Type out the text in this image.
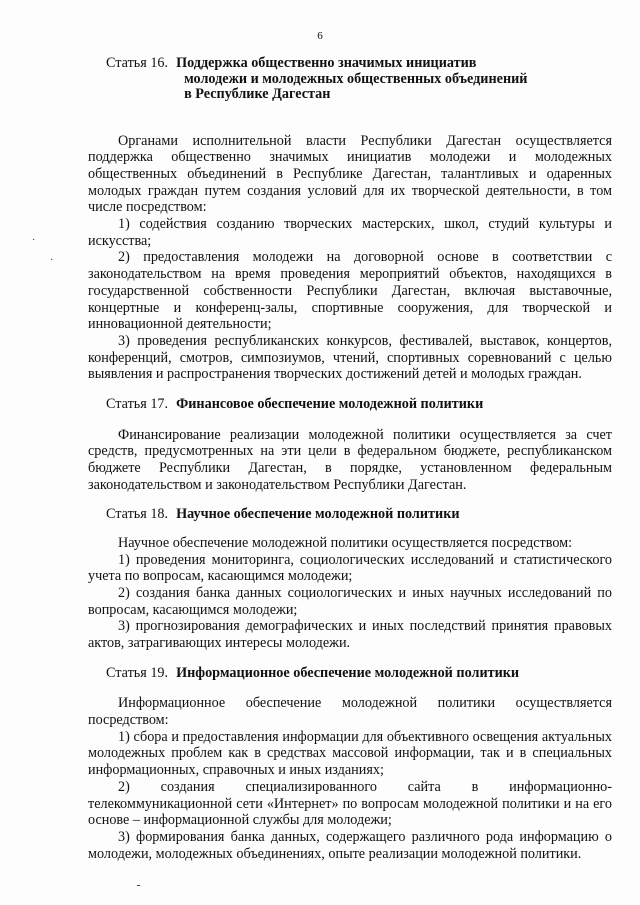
6
·
·
Статья 16. Поддержка общественно значимых инициатив
молодежи и молодежных общественных объединений
в Республике Дагестан

Органами исполнительной власти Республики Дагестан осуществляется поддержка общественно значимых инициатив молодежи и молодежных общественных объединений в Республике Дагестан, талантливых и одаренных молодых граждан путем создания условий для их творческой деятельности, в том числе посредством:

1) содействия созданию творческих мастерских, школ, студий культуры и искусства;

2) предоставления молодежи на договорной основе в соответствии с законодательством на время проведения мероприятий объектов, находящихся в государственной собственности Республики Дагестан, включая выставочные, концертные и конференц-залы, спортивные сооружения, для творческой и инновационной деятельности;

3) проведения республиканских конкурсов, фестивалей, выставок, концертов, конференций, смотров, симпозиумов, чтений, спортивных соревнований с целью выявления и распространения творческих достижений детей и молодых граждан.

Статья 17. Финансовое обеспечение молодежной политики

Финансирование реализации молодежной политики осуществляется за счет средств, предусмотренных на эти цели в федеральном бюджете, республиканском бюджете Республики Дагестан, в порядке, установленном федеральным законодательством и законодательством Республики Дагестан.

Статья 18. Научное обеспечение молодежной политики

Научное обеспечение молодежной политики осуществляется посредством:

1) проведения мониторинга, социологических исследований и статистического учета по вопросам, касающимся молодежи;

2) создания банка данных социологических и иных научных исследований по вопросам, касающимся молодежи;

3) прогнозирования демографических и иных последствий принятия правовых актов, затрагивающих интересы молодежи.

Статья 19. Информационное обеспечение молодежной политики

Информационное обеспечение молодежной политики осуществляется посредством:

1) сбора и предоставления информации для объективного освещения актуальных молодежных проблем как в средствах массовой информации, так и в специальных информационных, справочных и иных изданиях;

2) создания специализированного сайта в информационно-телекоммуникационной сети «Интернет» по вопросам молодежной политики и на его основе – информационной службы для молодежи;

3) формирования банка данных, содержащего различного рода информацию о молодежи, молодежных объединениях, опыте реализации молодежной политики.
